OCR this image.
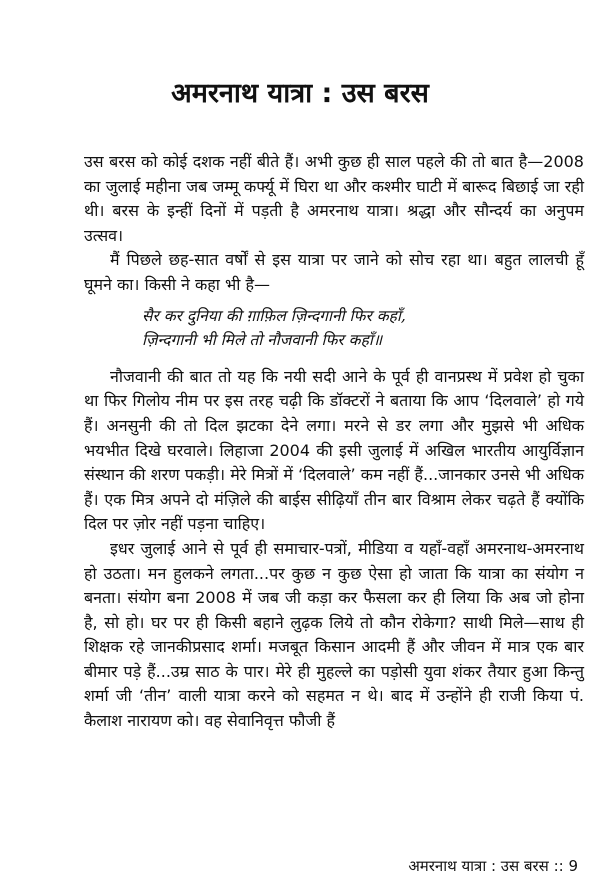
अमरनाथ यात्रा : उस बरस

उस बरस को कोई दशक नहीं बीते हैं। अभी कुछ ही साल पहले की तो बात है—2008 का जुलाई महीना जब जम्मू कर्फ्यू में घिरा था और कश्मीर घाटी में बारूद बिछाई जा रही थी। बरस के इन्हीं दिनों में पड़ती है अमरनाथ यात्रा। श्रद्धा और सौन्दर्य का अनुपम उत्सव।

मैं पिछले छह-सात वर्षों से इस यात्रा पर जाने को सोच रहा था। बहुत लालची हूँ घूमने का। किसी ने कहा भी है—

सैर कर दुनिया की ग़ाफ़िल ज़िन्दगानी फिर कहाँ,
ज़िन्दगानी भी मिले तो नौजवानी फिर कहाँ॥

नौजवानी की बात तो यह कि नयी सदी आने के पूर्व ही वानप्रस्थ में प्रवेश हो चुका था फिर गिलोय नीम पर इस तरह चढ़ी कि डॉक्टरों ने बताया कि आप ‘दिलवाले’ हो गये हैं। अनसुनी की तो दिल झटका देने लगा। मरने से डर लगा और मुझसे भी अधिक भयभीत दिखे घरवाले। लिहाजा 2004 की इसी जुलाई में अखिल भारतीय आयुर्विज्ञान संस्थान की शरण पकड़ी। मेरे मित्रों में ‘दिलवाले’ कम नहीं हैं...जानकार उनसे भी अधिक हैं। एक मित्र अपने दो मंज़िले की बाईस सीढ़ियाँ तीन बार विश्राम लेकर चढ़ते हैं क्योंकि दिल पर ज़ोर नहीं पड़ना चाहिए।

इधर जुलाई आने से पूर्व ही समाचार-पत्रों, मीडिया व यहाँ-वहाँ अमरनाथ-अमरनाथ हो उठता। मन हुलकने लगता...पर कुछ न कुछ ऐसा हो जाता कि यात्रा का संयोग न बनता। संयोग बना 2008 में जब जी कड़ा कर फैसला कर ही लिया कि अब जो होना है, सो हो। घर पर ही किसी बहाने लुढ़क लिये तो कौन रोकेगा? साथी मिले—साथ ही शिक्षक रहे जानकीप्रसाद शर्मा। मजबूत किसान आदमी हैं और जीवन में मात्र एक बार बीमार पड़े हैं...उम्र साठ के पार। मेरे ही मुहल्ले का पड़ोसी युवा शंकर तैयार हुआ किन्तु शर्मा जी ‘तीन’ वाली यात्रा करने को सहमत न थे। बाद में उन्होंने ही राजी किया पं. कैलाश नारायण को। वह सेवानिवृत्त फौजी हैं

अमरनाथ यात्रा : उस बरस :: 9
